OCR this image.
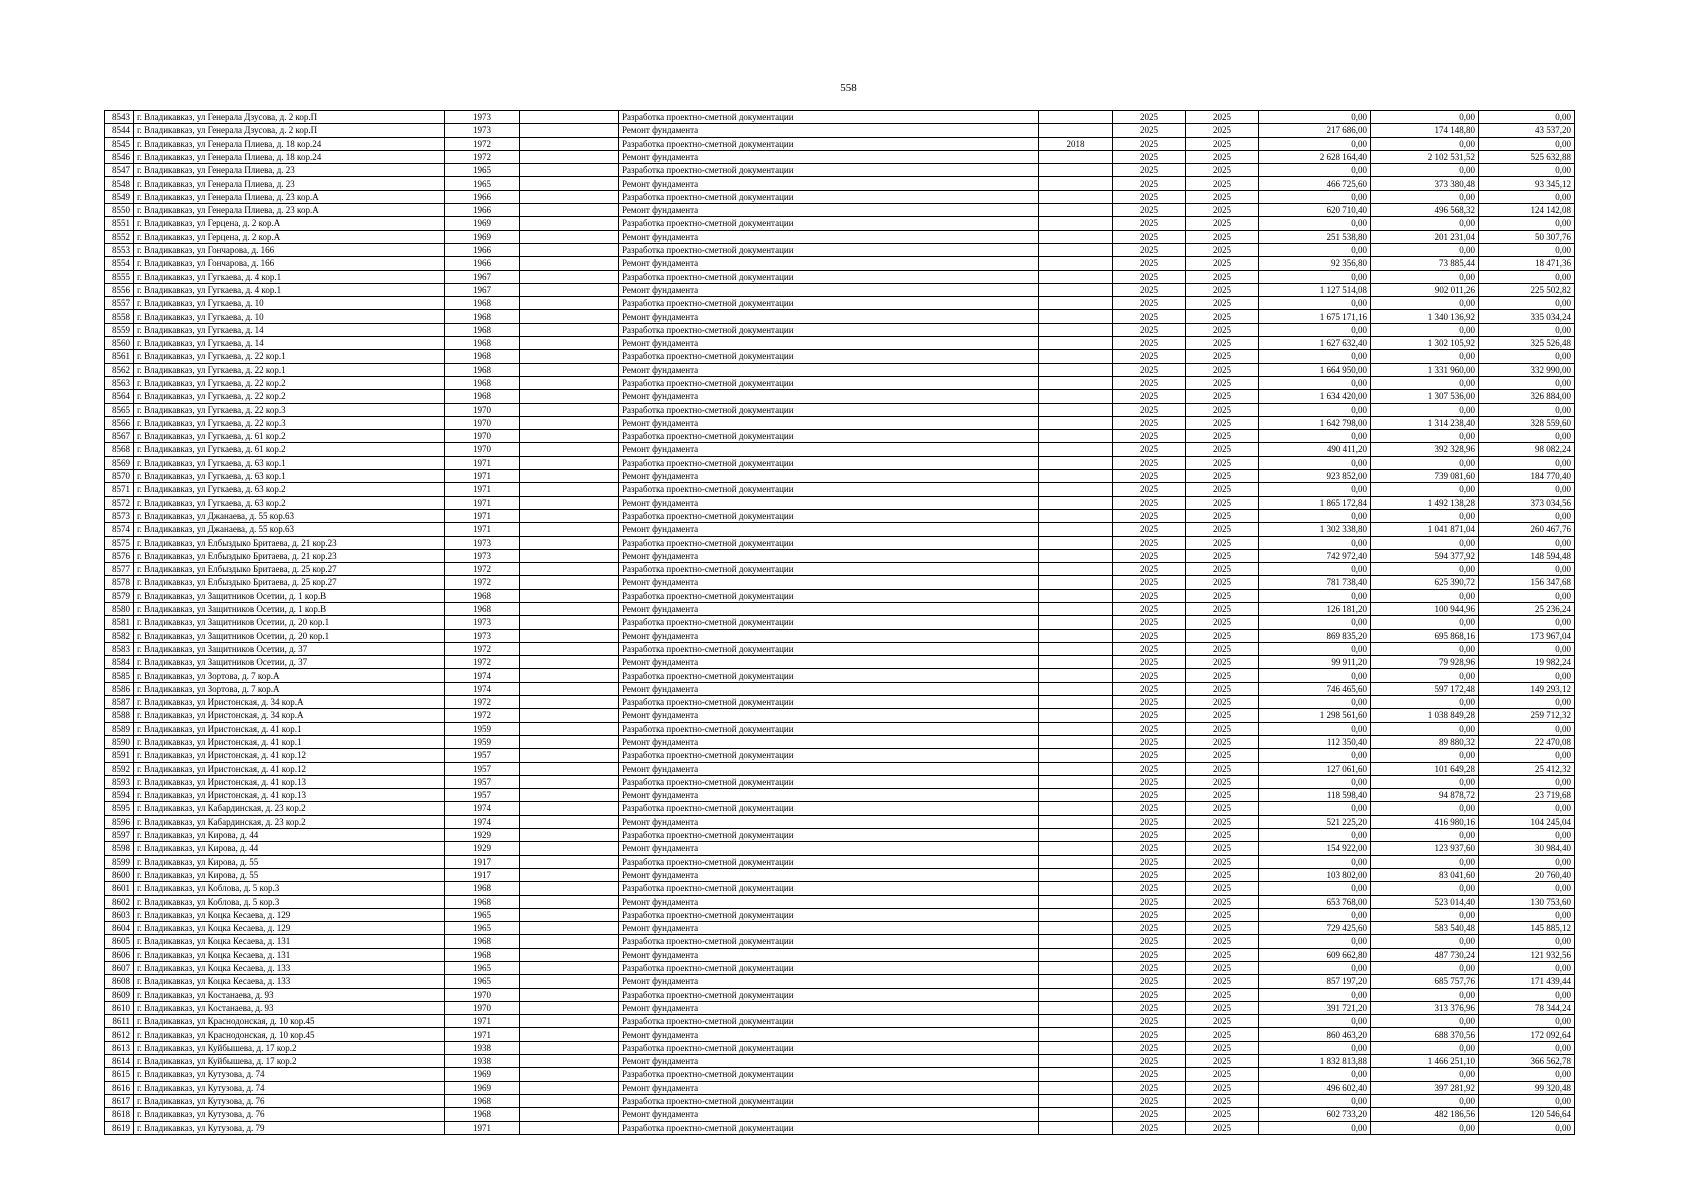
558
8543	г. Владикавказ, ул Генерала Дзусова, д. 2 кор.П	1973		Разработка проектно-сметной документации		2025	2025	0,00	0,00	0,00
8544	г. Владикавказ, ул Генерала Дзусова, д. 2 кор.П	1973		Ремонт фундамента		2025	2025	217 686,00	174 148,80	43 537,20
8545	г. Владикавказ, ул Генерала Плиева, д. 18 кор.24	1972		Разработка проектно-сметной документации	2018	2025	2025	0,00	0,00	0,00
8546	г. Владикавказ, ул Генерала Плиева, д. 18 кор.24	1972		Ремонт фундамента		2025	2025	2 628 164,40	2 102 531,52	525 632,88
8547	г. Владикавказ, ул Генерала Плиева, д. 23	1965		Разработка проектно-сметной документации		2025	2025	0,00	0,00	0,00
8548	г. Владикавказ, ул Генерала Плиева, д. 23	1965		Ремонт фундамента		2025	2025	466 725,60	373 380,48	93 345,12
8549	г. Владикавказ, ул Генерала Плиева, д. 23 кор.А	1966		Разработка проектно-сметной документации		2025	2025	0,00	0,00	0,00
8550	г. Владикавказ, ул Генерала Плиева, д. 23 кор.А	1966		Ремонт фундамента		2025	2025	620 710,40	496 568,32	124 142,08
8551	г. Владикавказ, ул Герцена, д. 2 кор.А	1969		Разработка проектно-сметной документации		2025	2025	0,00	0,00	0,00
8552	г. Владикавказ, ул Герцена, д. 2 кор.А	1969		Ремонт фундамента		2025	2025	251 538,80	201 231,04	50 307,76
8553	г. Владикавказ, ул Гончарова, д. 166	1966		Разработка проектно-сметной документации		2025	2025	0,00	0,00	0,00
8554	г. Владикавказ, ул Гончарова, д. 166	1966		Ремонт фундамента		2025	2025	92 356,80	73 885,44	18 471,36
8555	г. Владикавказ, ул Гугкаева, д. 4 кор.1	1967		Разработка проектно-сметной документации		2025	2025	0,00	0,00	0,00
8556	г. Владикавказ, ул Гугкаева, д. 4 кор.1	1967		Ремонт фундамента		2025	2025	1 127 514,08	902 011,26	225 502,82
8557	г. Владикавказ, ул Гугкаева, д. 10	1968		Разработка проектно-сметной документации		2025	2025	0,00	0,00	0,00
8558	г. Владикавказ, ул Гугкаева, д. 10	1968		Ремонт фундамента		2025	2025	1 675 171,16	1 340 136,92	335 034,24
8559	г. Владикавказ, ул Гугкаева, д. 14	1968		Разработка проектно-сметной документации		2025	2025	0,00	0,00	0,00
8560	г. Владикавказ, ул Гугкаева, д. 14	1968		Ремонт фундамента		2025	2025	1 627 632,40	1 302 105,92	325 526,48
8561	г. Владикавказ, ул Гугкаева, д. 22 кор.1	1968		Разработка проектно-сметной документации		2025	2025	0,00	0,00	0,00
8562	г. Владикавказ, ул Гугкаева, д. 22 кор.1	1968		Ремонт фундамента		2025	2025	1 664 950,00	1 331 960,00	332 990,00
8563	г. Владикавказ, ул Гугкаева, д. 22 кор.2	1968		Разработка проектно-сметной документации		2025	2025	0,00	0,00	0,00
8564	г. Владикавказ, ул Гугкаева, д. 22 кор.2	1968		Ремонт фундамента		2025	2025	1 634 420,00	1 307 536,00	326 884,00
8565	г. Владикавказ, ул Гугкаева, д. 22 кор.3	1970		Разработка проектно-сметной документации		2025	2025	0,00	0,00	0,00
8566	г. Владикавказ, ул Гугкаева, д. 22 кор.3	1970		Ремонт фундамента		2025	2025	1 642 798,00	1 314 238,40	328 559,60
8567	г. Владикавказ, ул Гугкаева, д. 61 кор.2	1970		Разработка проектно-сметной документации		2025	2025	0,00	0,00	0,00
8568	г. Владикавказ, ул Гугкаева, д. 61 кор.2	1970		Ремонт фундамента		2025	2025	490 411,20	392 328,96	98 082,24
8569	г. Владикавказ, ул Гугкаева, д. 63 кор.1	1971		Разработка проектно-сметной документации		2025	2025	0,00	0,00	0,00
8570	г. Владикавказ, ул Гугкаева, д. 63 кор.1	1971		Ремонт фундамента		2025	2025	923 852,00	739 081,60	184 770,40
8571	г. Владикавказ, ул Гугкаева, д. 63 кор.2	1971		Разработка проектно-сметной документации		2025	2025	0,00	0,00	0,00
8572	г. Владикавказ, ул Гугкаева, д. 63 кор.2	1971		Ремонт фундамента		2025	2025	1 865 172,84	1 492 138,28	373 034,56
8573	г. Владикавказ, ул Джанаева, д. 55 кор.63	1971		Разработка проектно-сметной документации		2025	2025	0,00	0,00	0,00
8574	г. Владикавказ, ул Джанаева, д. 55 кор.63	1971		Ремонт фундамента		2025	2025	1 302 338,80	1 041 871,04	260 467,76
8575	г. Владикавказ, ул Елбыздыко Бритаева, д. 21 кор.23	1973		Разработка проектно-сметной документации		2025	2025	0,00	0,00	0,00
8576	г. Владикавказ, ул Елбыздыко Бритаева, д. 21 кор.23	1973		Ремонт фундамента		2025	2025	742 972,40	594 377,92	148 594,48
8577	г. Владикавказ, ул Елбыздыко Бритаева, д. 25 кор.27	1972		Разработка проектно-сметной документации		2025	2025	0,00	0,00	0,00
8578	г. Владикавказ, ул Елбыздыко Бритаева, д. 25 кор.27	1972		Ремонт фундамента		2025	2025	781 738,40	625 390,72	156 347,68
8579	г. Владикавказ, ул Защитников Осетии, д. 1 кор.В	1968		Разработка проектно-сметной документации		2025	2025	0,00	0,00	0,00
8580	г. Владикавказ, ул Защитников Осетии, д. 1 кор.В	1968		Ремонт фундамента		2025	2025	126 181,20	100 944,96	25 236,24
8581	г. Владикавказ, ул Защитников Осетии, д. 20 кор.1	1973		Разработка проектно-сметной документации		2025	2025	0,00	0,00	0,00
8582	г. Владикавказ, ул Защитников Осетии, д. 20 кор.1	1973		Ремонт фундамента		2025	2025	869 835,20	695 868,16	173 967,04
8583	г. Владикавказ, ул Защитников Осетии, д. 37	1972		Разработка проектно-сметной документации		2025	2025	0,00	0,00	0,00
8584	г. Владикавказ, ул Защитников Осетии, д. 37	1972		Ремонт фундамента		2025	2025	99 911,20	79 928,96	19 982,24
8585	г. Владикавказ, ул Зортова, д. 7 кор.А	1974		Разработка проектно-сметной документации		2025	2025	0,00	0,00	0,00
8586	г. Владикавказ, ул Зортова, д. 7 кор.А	1974		Ремонт фундамента		2025	2025	746 465,60	597 172,48	149 293,12
8587	г. Владикавказ, ул Иристонская, д. 34 кор.А	1972		Разработка проектно-сметной документации		2025	2025	0,00	0,00	0,00
8588	г. Владикавказ, ул Иристонская, д. 34 кор.А	1972		Ремонт фундамента		2025	2025	1 298 561,60	1 038 849,28	259 712,32
8589	г. Владикавказ, ул Иристонская, д. 41 кор.1	1959		Разработка проектно-сметной документации		2025	2025	0,00	0,00	0,00
8590	г. Владикавказ, ул Иристонская, д. 41 кор.1	1959		Ремонт фундамента		2025	2025	112 350,40	89 880,32	22 470,08
8591	г. Владикавказ, ул Иристонская, д. 41 кор.12	1957		Разработка проектно-сметной документации		2025	2025	0,00	0,00	0,00
8592	г. Владикавказ, ул Иристонская, д. 41 кор.12	1957		Ремонт фундамента		2025	2025	127 061,60	101 649,28	25 412,32
8593	г. Владикавказ, ул Иристонская, д. 41 кор.13	1957		Разработка проектно-сметной документации		2025	2025	0,00	0,00	0,00
8594	г. Владикавказ, ул Иристонская, д. 41 кор.13	1957		Ремонт фундамента		2025	2025	118 598,40	94 878,72	23 719,68
8595	г. Владикавказ, ул Кабардинская, д. 23 кор.2	1974		Разработка проектно-сметной документации		2025	2025	0,00	0,00	0,00
8596	г. Владикавказ, ул Кабардинская, д. 23 кор.2	1974		Ремонт фундамента		2025	2025	521 225,20	416 980,16	104 245,04
8597	г. Владикавказ, ул Кирова, д. 44	1929		Разработка проектно-сметной документации		2025	2025	0,00	0,00	0,00
8598	г. Владикавказ, ул Кирова, д. 44	1929		Ремонт фундамента		2025	2025	154 922,00	123 937,60	30 984,40
8599	г. Владикавказ, ул Кирова, д. 55	1917		Разработка проектно-сметной документации		2025	2025	0,00	0,00	0,00
8600	г. Владикавказ, ул Кирова, д. 55	1917		Ремонт фундамента		2025	2025	103 802,00	83 041,60	20 760,40
8601	г. Владикавказ, ул Коблова, д. 5 кор.3	1968		Разработка проектно-сметной документации		2025	2025	0,00	0,00	0,00
8602	г. Владикавказ, ул Коблова, д. 5 кор.3	1968		Ремонт фундамента		2025	2025	653 768,00	523 014,40	130 753,60
8603	г. Владикавказ, ул Коцка Кесаева, д. 129	1965		Разработка проектно-сметной документации		2025	2025	0,00	0,00	0,00
8604	г. Владикавказ, ул Коцка Кесаева, д. 129	1965		Ремонт фундамента		2025	2025	729 425,60	583 540,48	145 885,12
8605	г. Владикавказ, ул Коцка Кесаева, д. 131	1968		Разработка проектно-сметной документации		2025	2025	0,00	0,00	0,00
8606	г. Владикавказ, ул Коцка Кесаева, д. 131	1968		Ремонт фундамента		2025	2025	609 662,80	487 730,24	121 932,56
8607	г. Владикавказ, ул Коцка Кесаева, д. 133	1965		Разработка проектно-сметной документации		2025	2025	0,00	0,00	0,00
8608	г. Владикавказ, ул Коцка Кесаева, д. 133	1965		Ремонт фундамента		2025	2025	857 197,20	685 757,76	171 439,44
8609	г. Владикавказ, ул Костанаева, д. 93	1970		Разработка проектно-сметной документации		2025	2025	0,00	0,00	0,00
8610	г. Владикавказ, ул Костанаева, д. 93	1970		Ремонт фундамента		2025	2025	391 721,20	313 376,96	78 344,24
8611	г. Владикавказ, ул Краснодонская, д. 10 кор.45	1971		Разработка проектно-сметной документации		2025	2025	0,00	0,00	0,00
8612	г. Владикавказ, ул Краснодонская, д. 10 кор.45	1971		Ремонт фундамента		2025	2025	860 463,20	688 370,56	172 092,64
8613	г. Владикавказ, ул Куйбышева, д. 17 кор.2	1938		Разработка проектно-сметной документации		2025	2025	0,00	0,00	0,00
8614	г. Владикавказ, ул Куйбышева, д. 17 кор.2	1938		Ремонт фундамента		2025	2025	1 832 813,88	1 466 251,10	366 562,78
8615	г. Владикавказ, ул Кутузова, д. 74	1969		Разработка проектно-сметной документации		2025	2025	0,00	0,00	0,00
8616	г. Владикавказ, ул Кутузова, д. 74	1969		Ремонт фундамента		2025	2025	496 602,40	397 281,92	99 320,48
8617	г. Владикавказ, ул Кутузова, д. 76	1968		Разработка проектно-сметной документации		2025	2025	0,00	0,00	0,00
8618	г. Владикавказ, ул Кутузова, д. 76	1968		Ремонт фундамента		2025	2025	602 733,20	482 186,56	120 546,64
8619	г. Владикавказ, ул Кутузова, д. 79	1971		Разработка проектно-сметной документации		2025	2025	0,00	0,00	0,00
